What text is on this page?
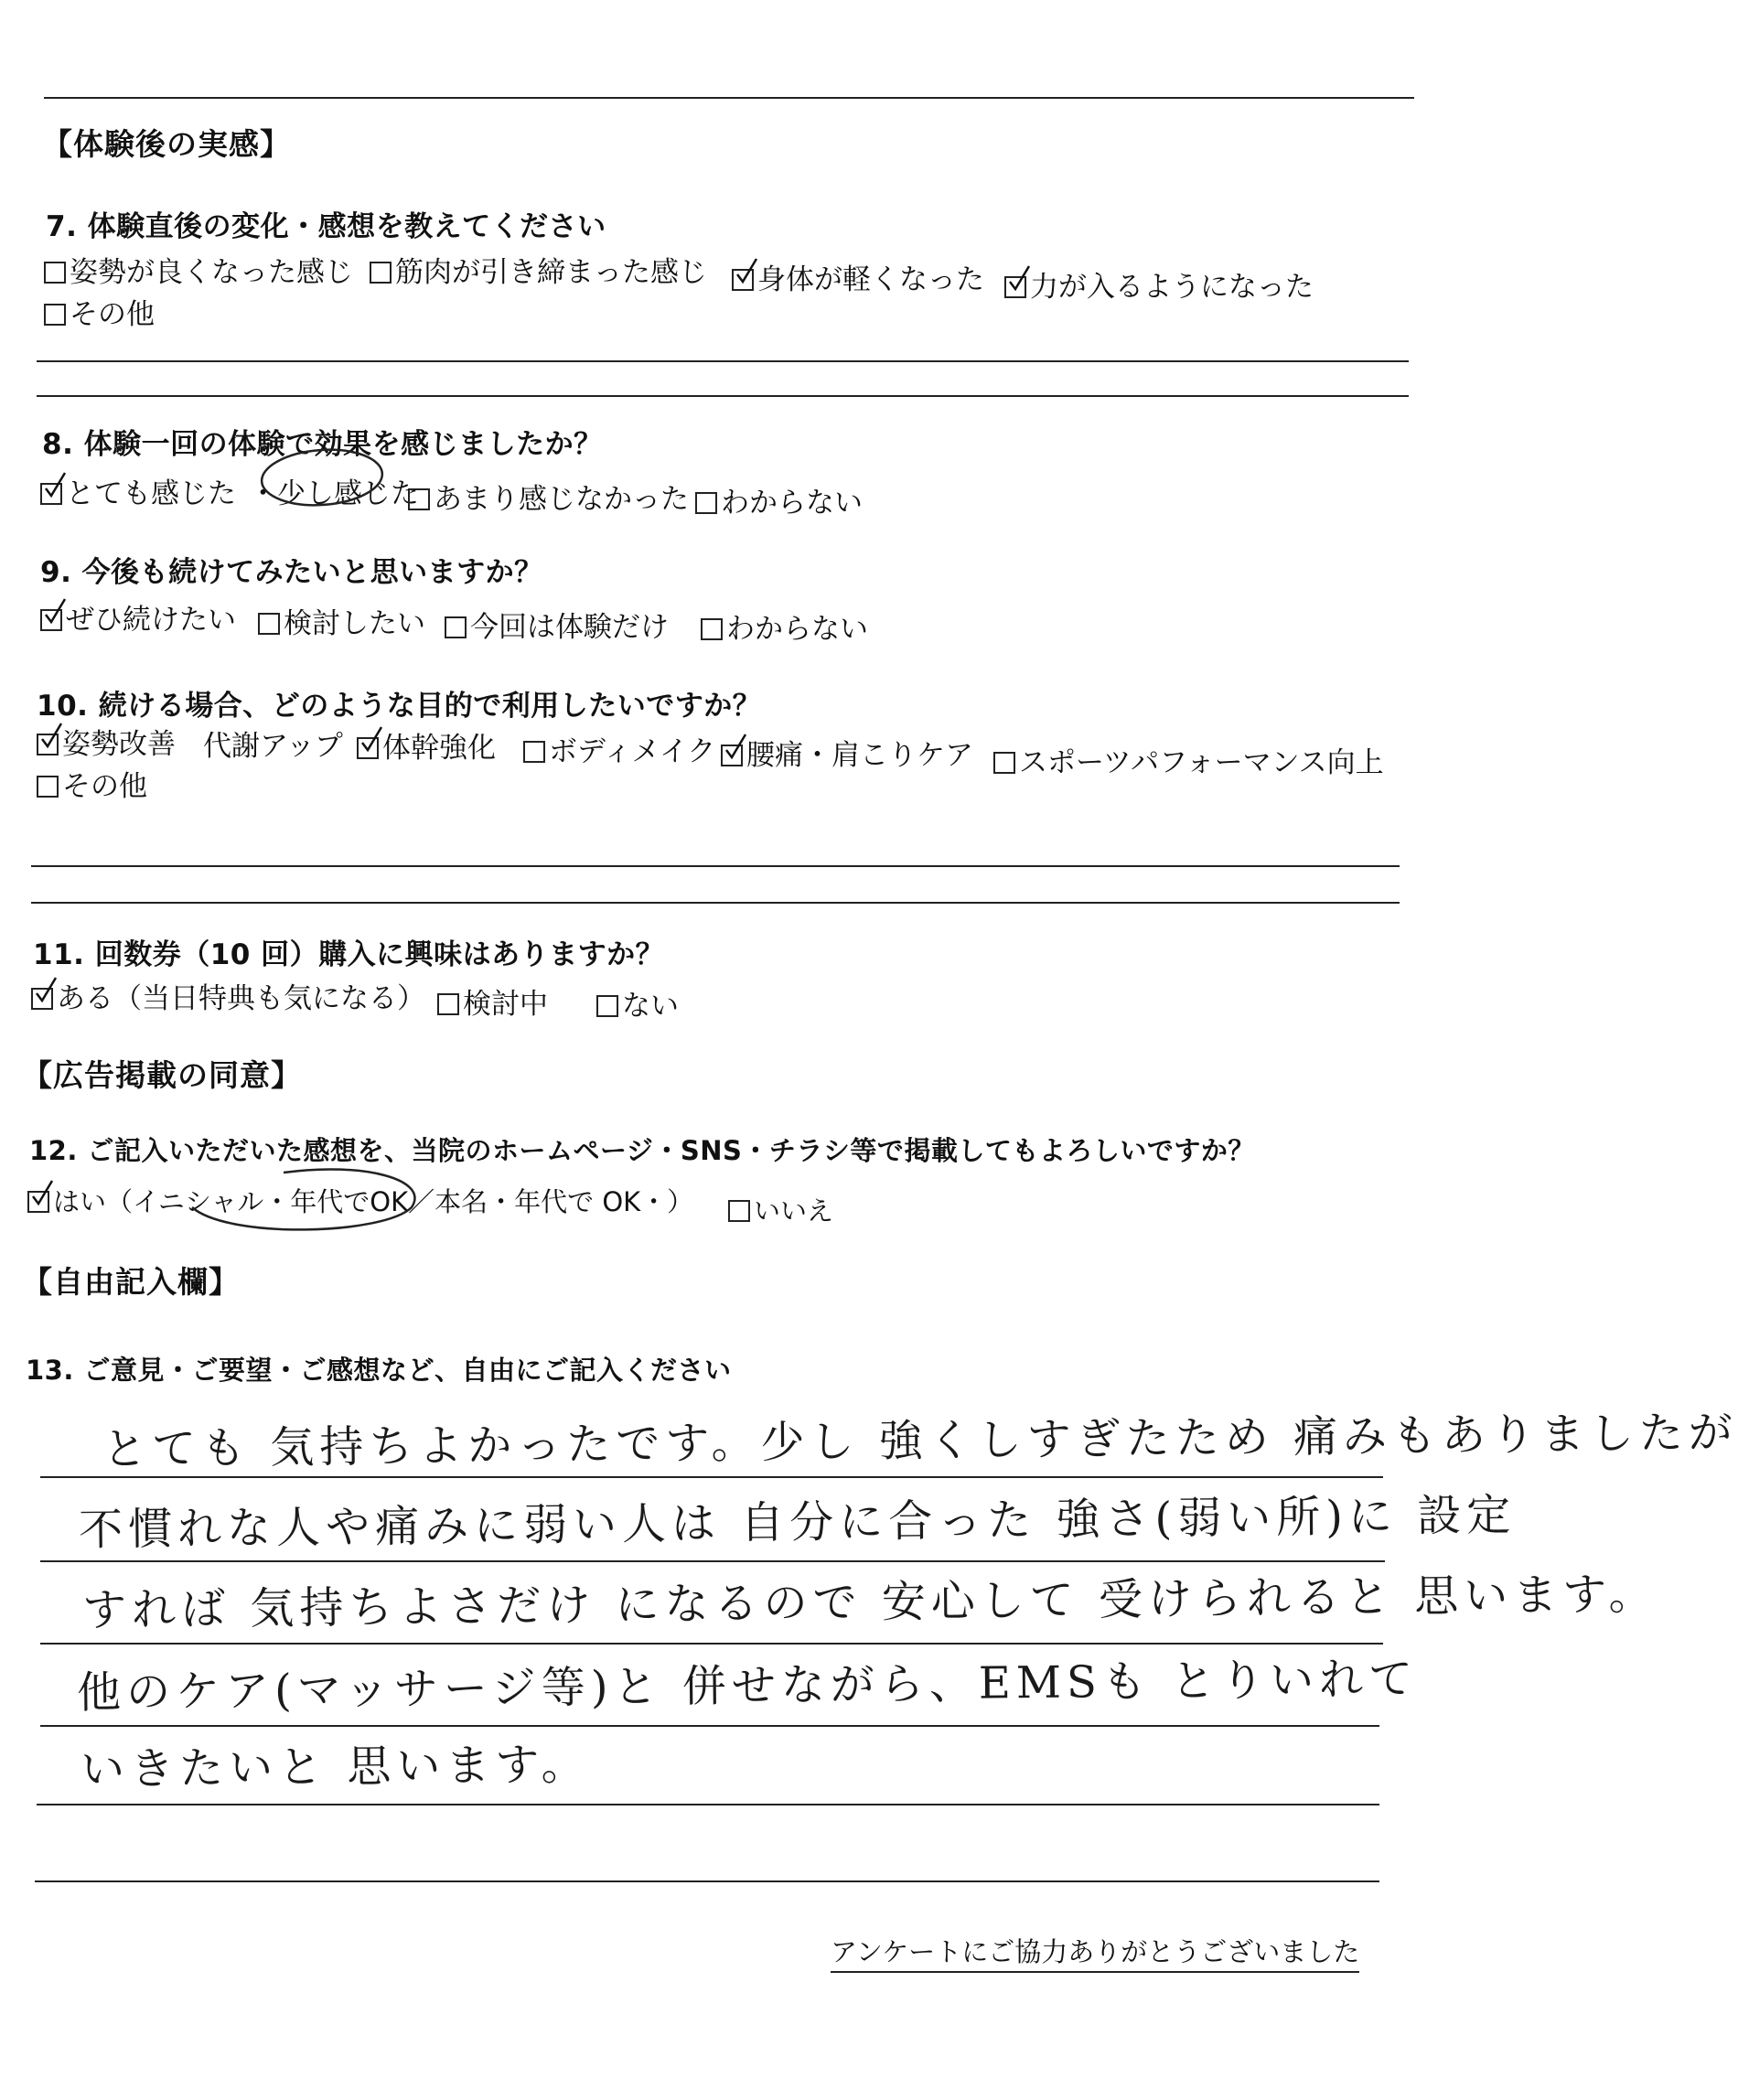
【体験後の実感】
7. 体験直後の変化・感想を教えてください
姿勢が良くなった感じ	筋肉が引き締まった感じ	身体が軽くなった	力が入るようになった
その他
8. 体験一回の体験で効果を感じましたか？
とても感じた ・少し感じた あまり感じなかった	わからない
9. 今後も続けてみたいと思いますか？
ぜひ続けたい	検討したい	今回は体験だけ	わからない
10. 続ける場合、どのような目的で利用したいですか？
姿勢改善 代謝アップ	体幹強化	ボディメイク	腰痛・肩こりケア	スポーツパフォーマンス向上
その他
11. 回数券（10 回）購入に興味はありますか？
ある（当日特典も気になる）	検討中	ない
【広告掲載の同意】
12. ご記入いただいた感想を、当院のホームページ・SNS・チラシ等で掲載してもよろしいですか？
はい（イニシャル・年代でOK／本名・年代で OK・）	いいえ
【自由記入欄】
13. ご意見・ご要望・ご感想など、自由にご記入ください
とても 気持ちよかったです。少し 強くしすぎたため 痛みもありましたが
不慣れな人や痛みに弱い人は 自分に合った 強さ(弱い所)に 設定
すれば 気持ちよさだけ になるので 安心して 受けられると 思います。
他のケア(マッサージ等)と 併せながら、EMSも とりいれて
いきたいと 思います。
アンケートにご協力ありがとうございました
